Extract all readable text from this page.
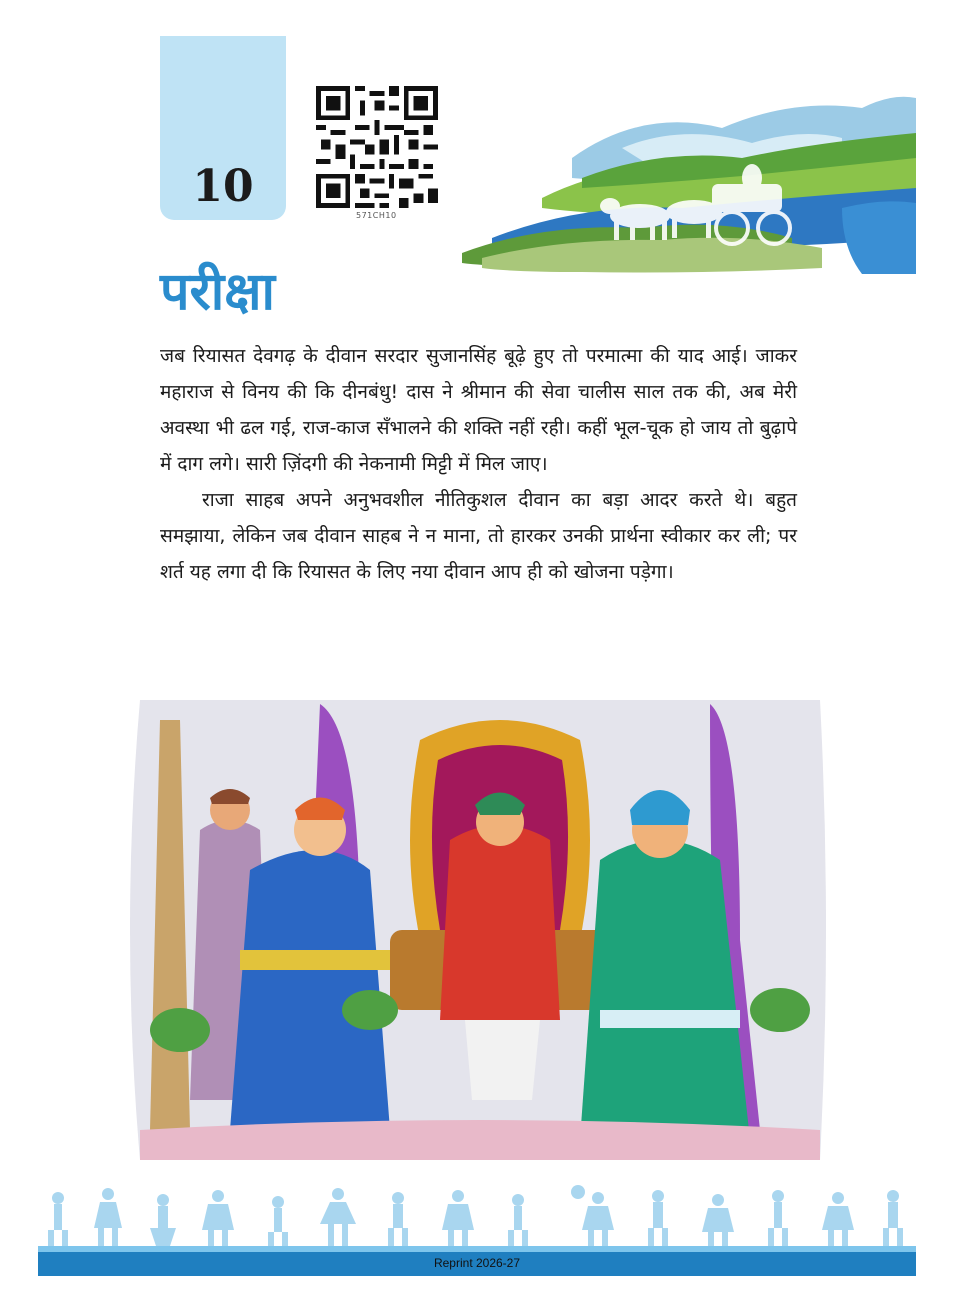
10
571CH10
परीक्षा

जब रियासत देवगढ़ के दीवान सरदार सुजानसिंह बूढ़े हुए तो परमात्मा की याद आई। जाकर महाराज से विनय की कि दीनबंधु! दास ने श्रीमान की सेवा चालीस साल तक की, अब मेरी अवस्था भी ढल गई, राज-काज सँभालने की शक्ति नहीं रही। कहीं भूल-चूक हो जाय तो बुढ़ापे में दाग लगे। सारी ज़िंदगी की नेकनामी मिट्टी में मिल जाए।

राजा साहब अपने अनुभवशील नीतिकुशल दीवान का बड़ा आदर करते थे। बहुत समझाया, लेकिन जब दीवान साहब ने न माना, तो हारकर उनकी प्रार्थना स्वीकार कर ली; पर शर्त यह लगा दी कि रियासत के लिए नया दीवान आप ही को खोजना पड़ेगा।

Reprint 2026-27
